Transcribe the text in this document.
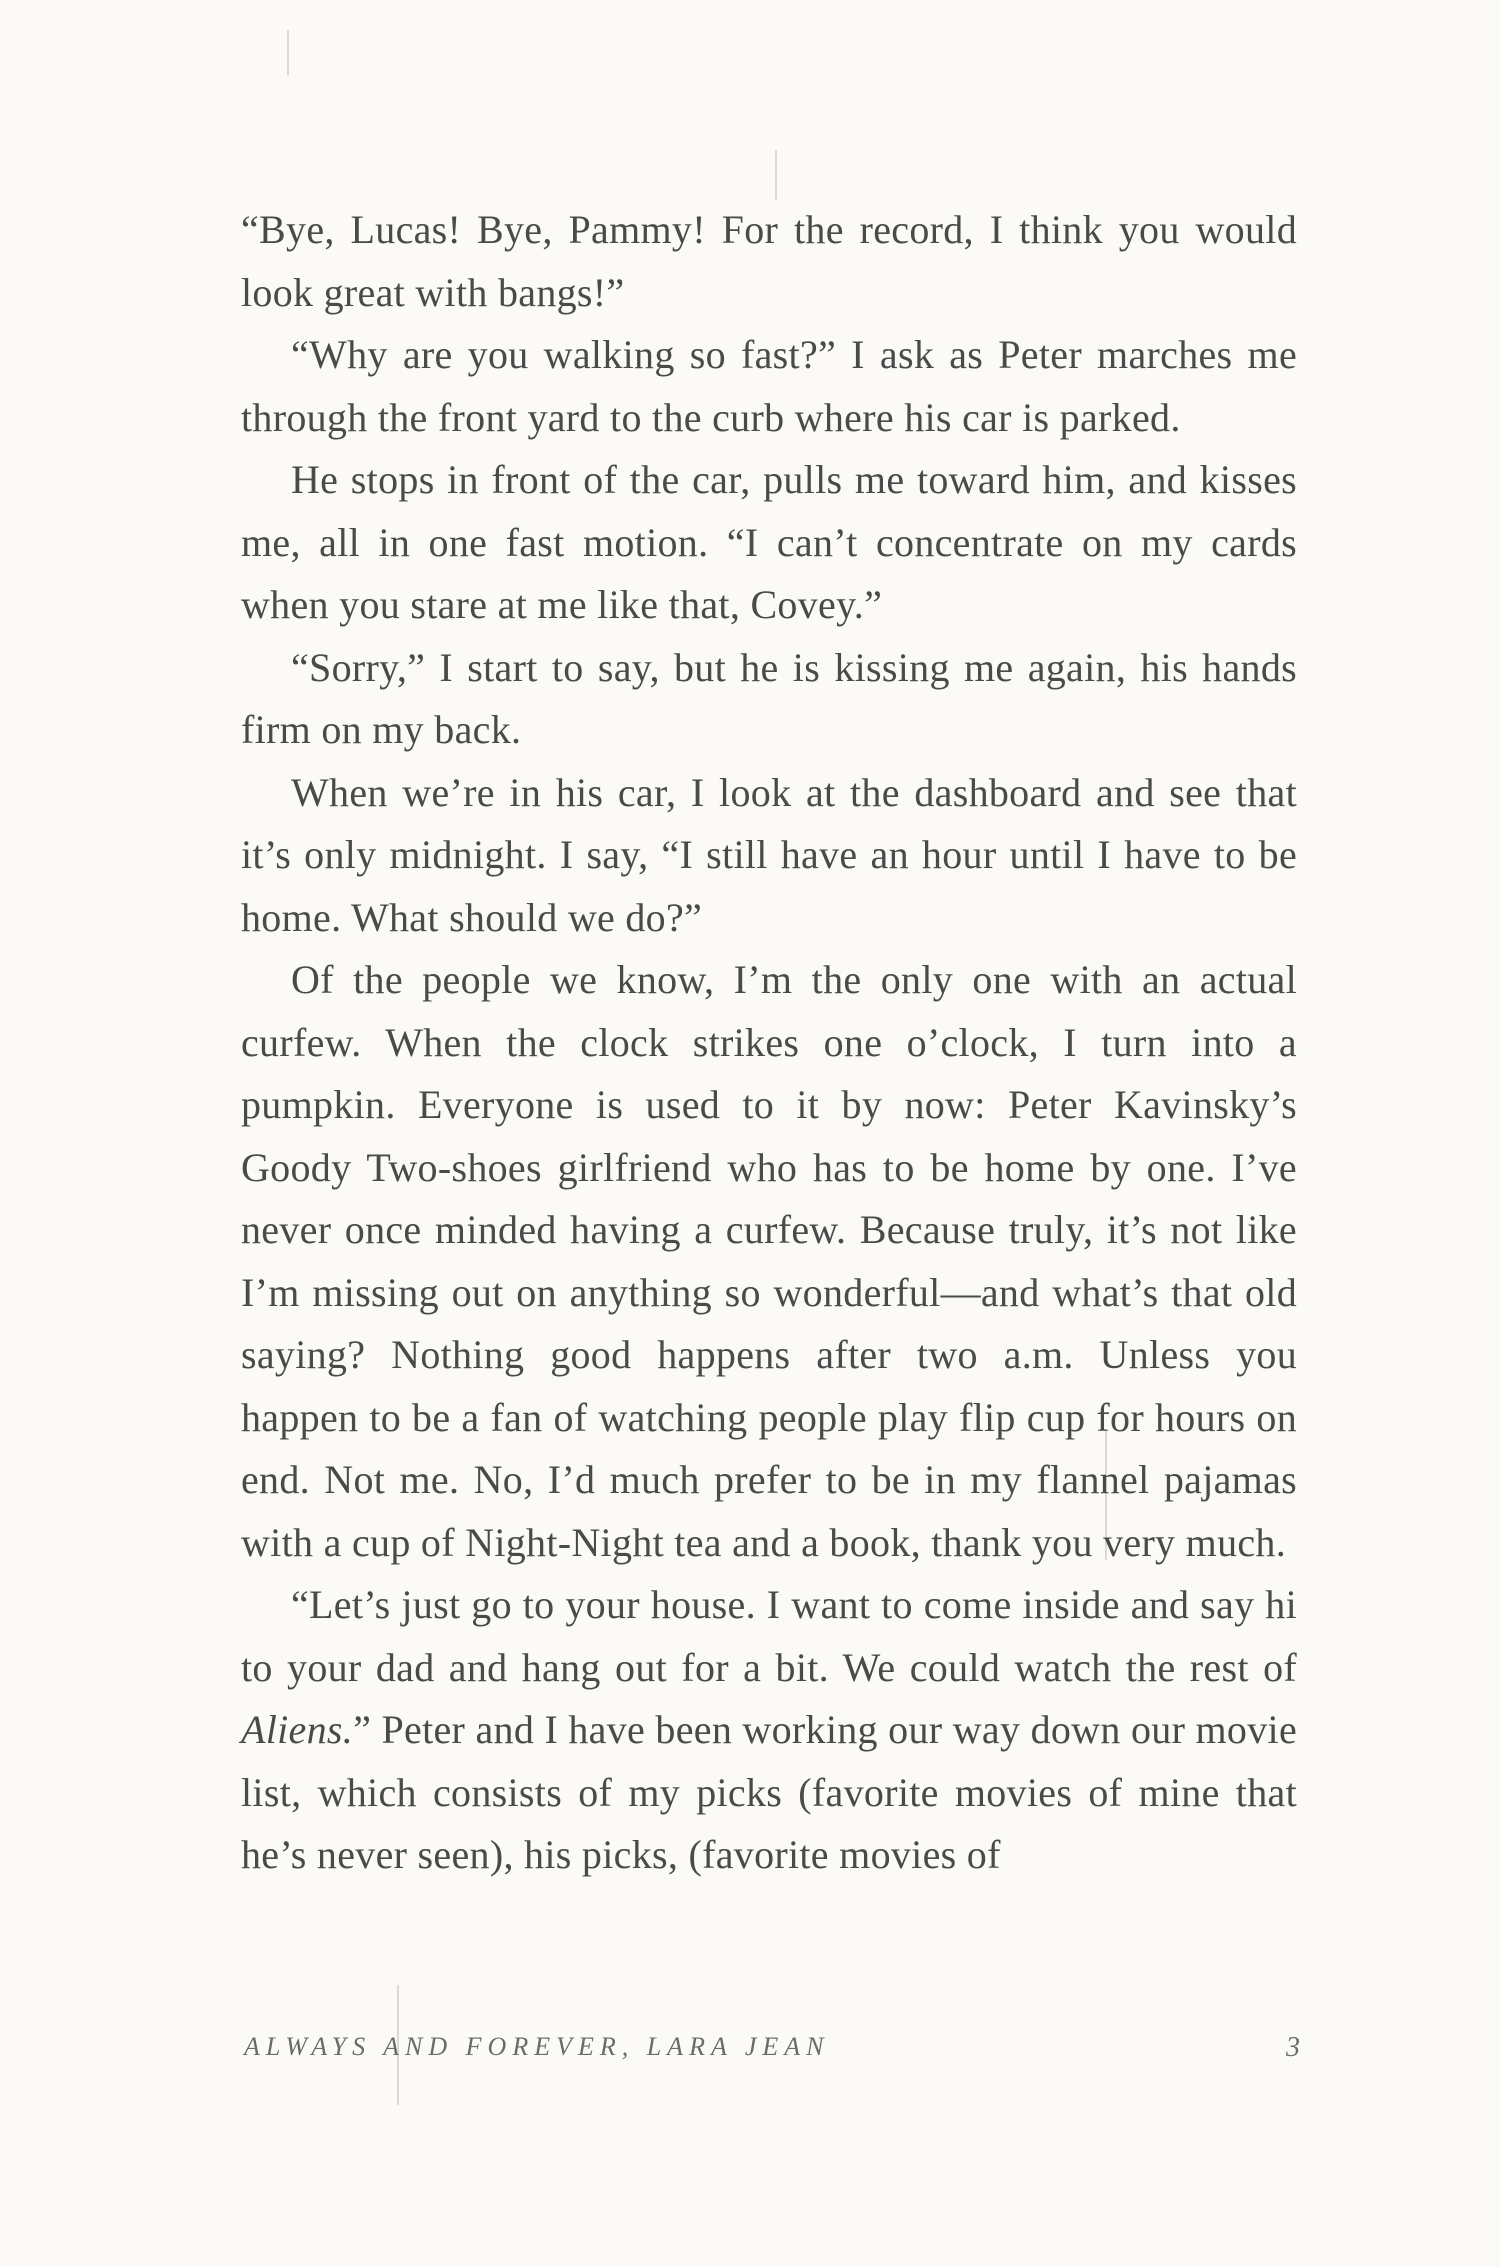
“Bye, Lucas! Bye, Pammy! For the record, I think you would look great with bangs!”

“Why are you walking so fast?” I ask as Peter marches me through the front yard to the curb where his car is parked.

He stops in front of the car, pulls me toward him, and kisses me, all in one fast motion. “I can’t concentrate on my cards when you stare at me like that, Covey.”

“Sorry,” I start to say, but he is kissing me again, his hands firm on my back.

When we’re in his car, I look at the dashboard and see that it’s only midnight. I say, “I still have an hour until I have to be home. What should we do?”

Of the people we know, I’m the only one with an actual curfew. When the clock strikes one o’clock, I turn into a pumpkin. Everyone is used to it by now: Peter Kavinsky’s Goody Two-shoes girlfriend who has to be home by one. I’ve never once minded having a curfew. Because truly, it’s not like I’m missing out on anything so wonderful—and what’s that old saying? Nothing good happens after two a.m. Unless you happen to be a fan of watching people play flip cup for hours on end. Not me. No, I’d much prefer to be in my flannel pajamas with a cup of Night-Night tea and a book, thank you very much.

“Let’s just go to your house. I want to come inside and say hi to your dad and hang out for a bit. We could watch the rest of Aliens.” Peter and I have been working our way down our movie list, which consists of my picks (favorite movies of mine that he’s never seen), his picks, (favorite movies of

ALWAYS AND FOREVER, LARA JEAN	3
